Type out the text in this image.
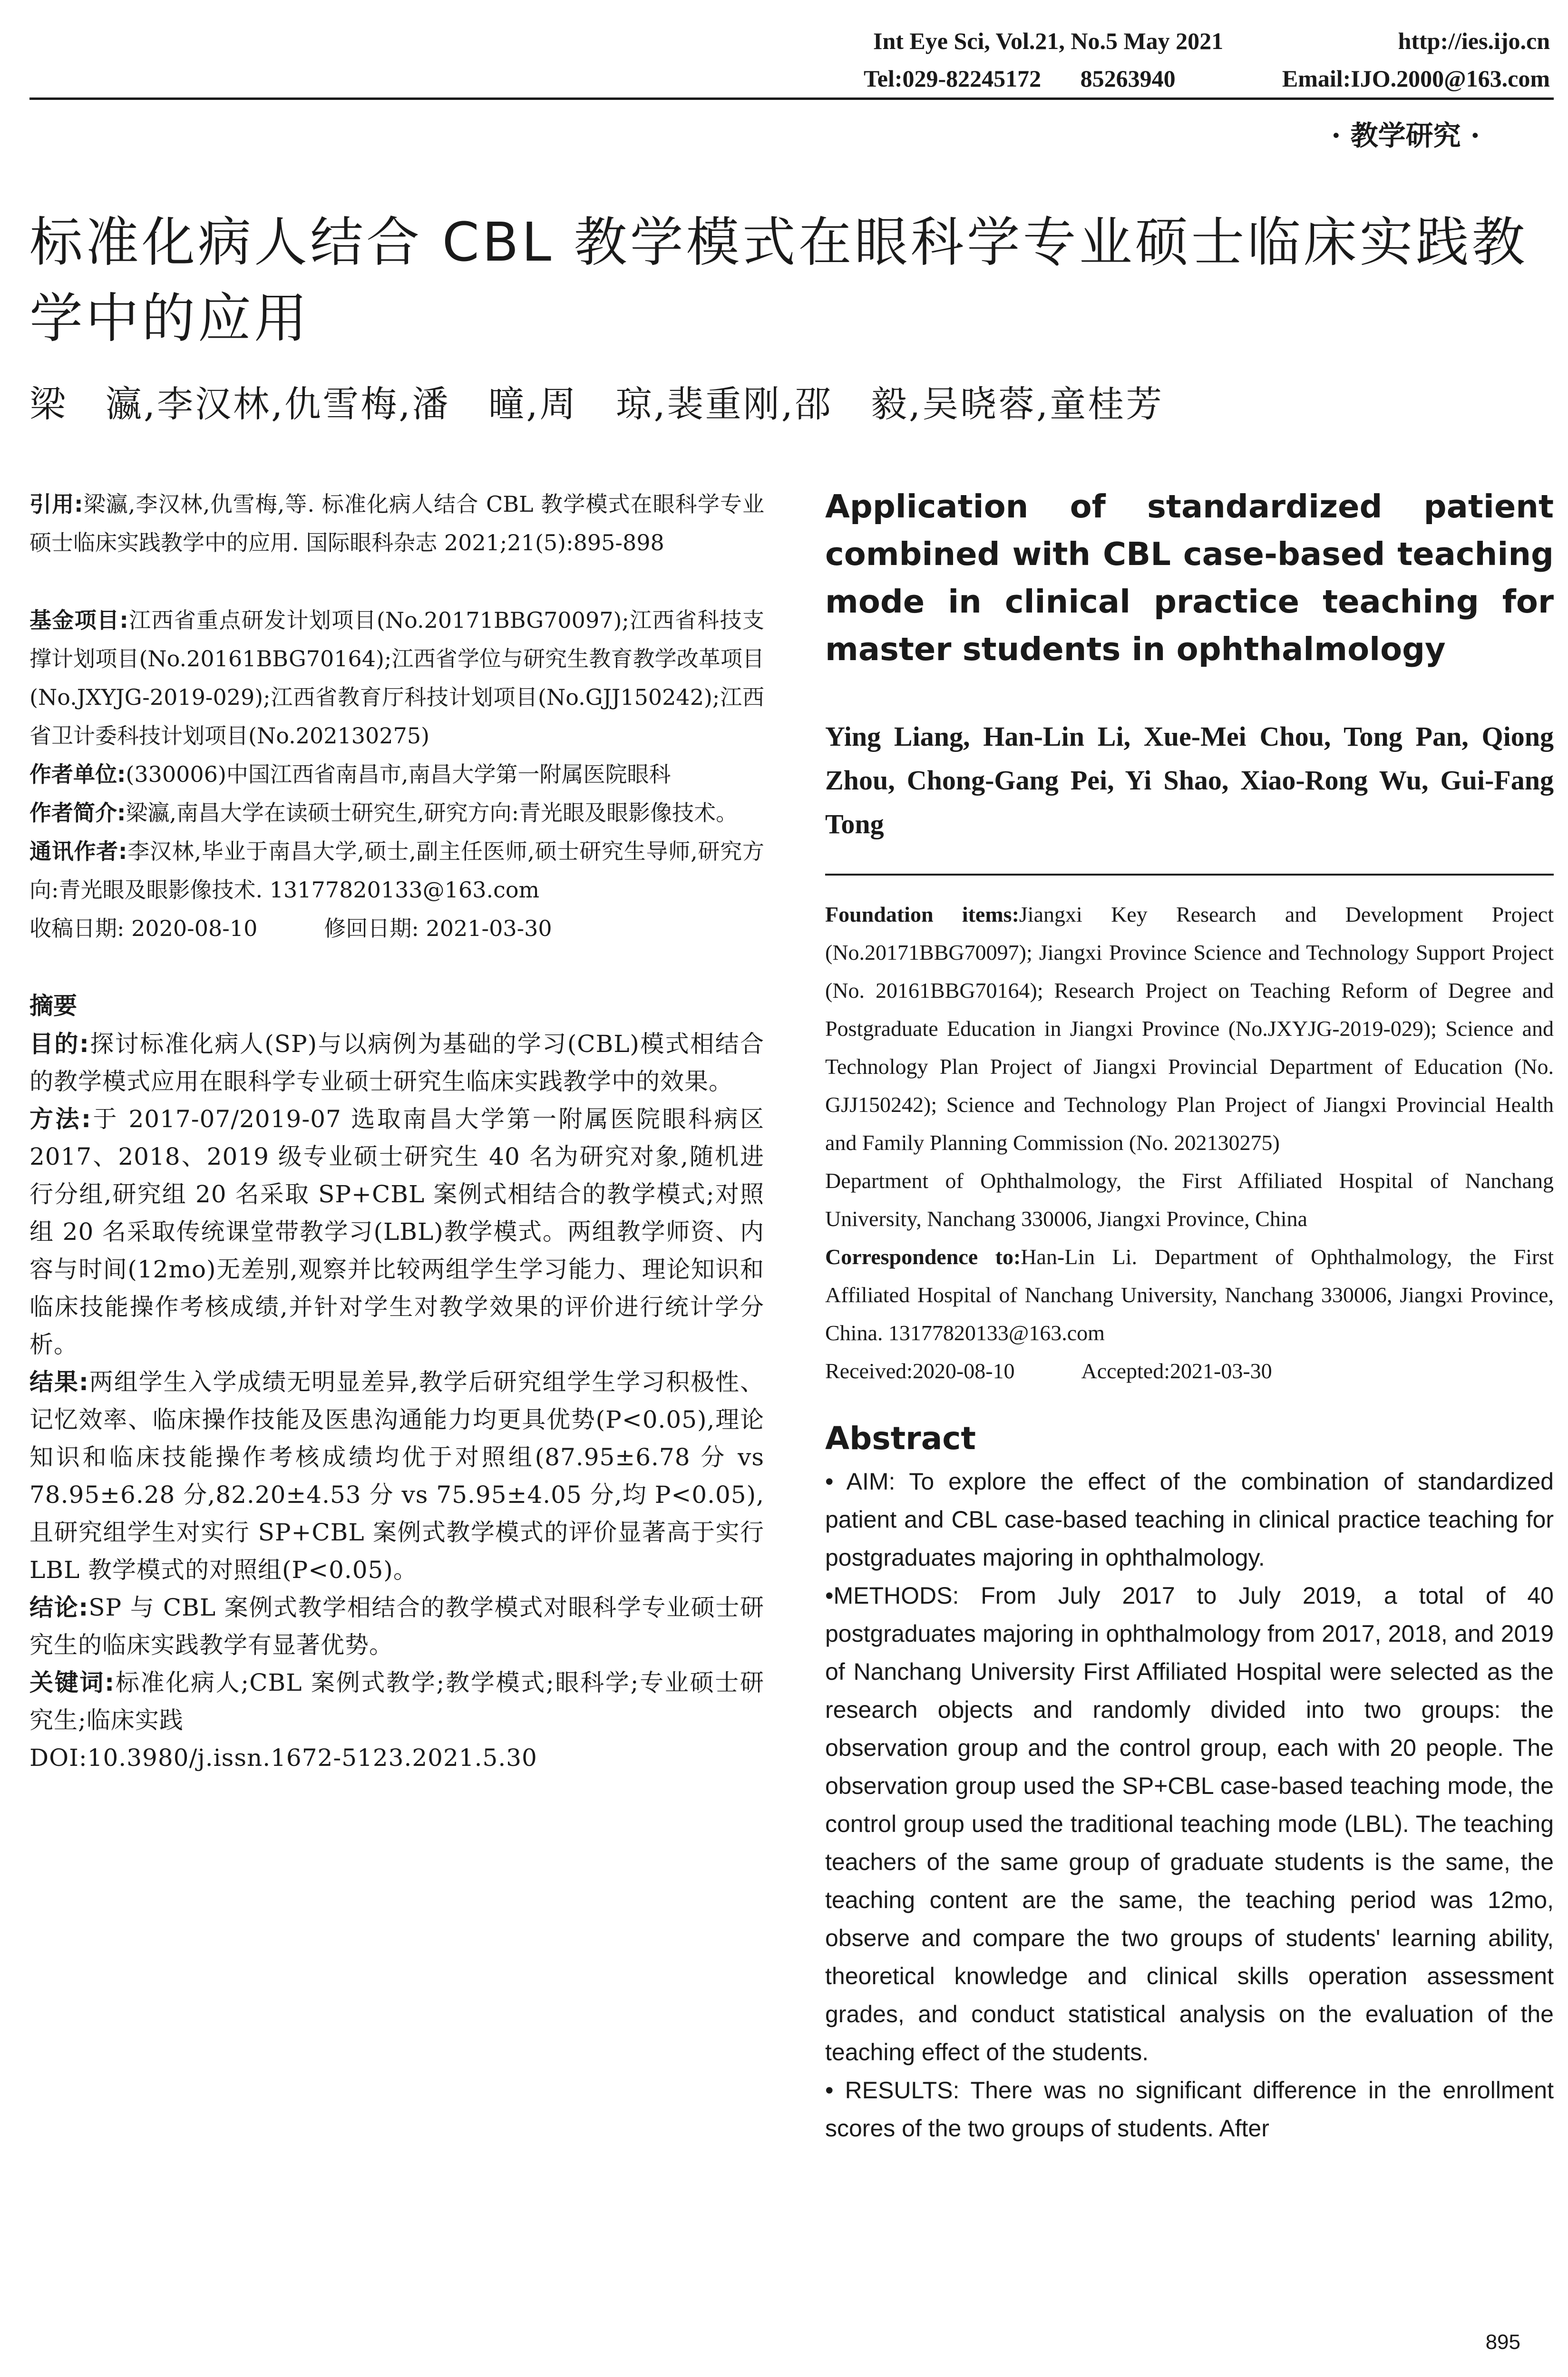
Int Eye Sci, Vol.21, No.5 May 2021	http://ies.ijo.cn
Tel:029-82245172 85263940	Email:IJO.2000@163.com
· 教学研究 ·
标准化病人结合 CBL 教学模式在眼科学专业硕士临床实践教学中的应用
梁　瀛,李汉林,仇雪梅,潘　曈,周　琼,裴重刚,邵　毅,吴晓蓉,童桂芳

引用:梁瀛,李汉林,仇雪梅,等. 标准化病人结合 CBL 教学模式在眼科学专业硕士临床实践教学中的应用. 国际眼科杂志 2021;21(5):895-898

基金项目:江西省重点研发计划项目(No.20171BBG70097);江西省科技支撑计划项目(No.20161BBG70164);江西省学位与研究生教育教学改革项目(No.JXYJG-2019-029);江西省教育厅科技计划项目(No.GJJ150242);江西省卫计委科技计划项目(No.202130275)

作者单位:(330006)中国江西省南昌市,南昌大学第一附属医院眼科

作者简介:梁瀛,南昌大学在读硕士研究生,研究方向:青光眼及眼影像技术。

通讯作者:李汉林,毕业于南昌大学,硕士,副主任医师,硕士研究生导师,研究方向:青光眼及眼影像技术. 13177820133@163.com

收稿日期: 2020-08-10	修回日期: 2021-03-30

摘要

目的:探讨标准化病人(SP)与以病例为基础的学习(CBL)模式相结合的教学模式应用在眼科学专业硕士研究生临床实践教学中的效果。

方法:于 2017-07/2019-07 选取南昌大学第一附属医院眼科病区 2017、2018、2019 级专业硕士研究生 40 名为研究对象,随机进行分组,研究组 20 名采取 SP+CBL 案例式相结合的教学模式;对照组 20 名采取传统课堂带教学习(LBL)教学模式。两组教学师资、内容与时间(12mo)无差别,观察并比较两组学生学习能力、理论知识和临床技能操作考核成绩,并针对学生对教学效果的评价进行统计学分析。

结果:两组学生入学成绩无明显差异,教学后研究组学生学习积极性、记忆效率、临床操作技能及医患沟通能力均更具优势(P<0.05),理论知识和临床技能操作考核成绩均优于对照组(87.95±6.78 分 vs 78.95±6.28 分,82.20±4.53 分 vs 75.95±4.05 分,均 P<0.05),且研究组学生对实行 SP+CBL 案例式教学模式的评价显著高于实行 LBL 教学模式的对照组(P<0.05)。

结论:SP 与 CBL 案例式教学相结合的教学模式对眼科学专业硕士研究生的临床实践教学有显著优势。

关键词:标准化病人;CBL 案例式教学;教学模式;眼科学;专业硕士研究生;临床实践

DOI:10.3980/j.issn.1672-5123.2021.5.30

Application of standardized patient combined with CBL case-based teaching mode in clinical practice teaching for master students in ophthalmology
Ying Liang, Han-Lin Li, Xue-Mei Chou, Tong Pan, Qiong Zhou, Chong-Gang Pei, Yi Shao, Xiao-Rong Wu, Gui-Fang Tong

Foundation items:Jiangxi Key Research and Development Project (No.20171BBG70097); Jiangxi Province Science and Technology Support Project (No. 20161BBG70164); Research Project on Teaching Reform of Degree and Postgraduate Education in Jiangxi Province (No.JXYJG-2019-029); Science and Technology Plan Project of Jiangxi Provincial Department of Education (No. GJJ150242); Science and Technology Plan Project of Jiangxi Provincial Health and Family Planning Commission (No. 202130275)

Department of Ophthalmology, the First Affiliated Hospital of Nanchang University, Nanchang 330006, Jiangxi Province, China

Correspondence to:Han-Lin Li. Department of Ophthalmology, the First Affiliated Hospital of Nanchang University, Nanchang 330006, Jiangxi Province, China. 13177820133@163.com

Received:2020-08-10	Accepted:2021-03-30

Abstract

• AIM: To explore the effect of the combination of standardized patient and CBL case-based teaching in clinical practice teaching for postgraduates majoring in ophthalmology.

•METHODS: From July 2017 to July 2019, a total of 40 postgraduates majoring in ophthalmology from 2017, 2018, and 2019 of Nanchang University First Affiliated Hospital were selected as the research objects and randomly divided into two groups: the observation group and the control group, each with 20 people. The observation group used the SP+CBL case-based teaching mode, the control group used the traditional teaching mode (LBL). The teaching teachers of the same group of graduate students is the same, the teaching content are the same, the teaching period was 12mo, observe and compare the two groups of students' learning ability, theoretical knowledge and clinical skills operation assessment grades, and conduct statistical analysis on the evaluation of the teaching effect of the students.

• RESULTS: There was no significant difference in the enrollment scores of the two groups of students. After

895
